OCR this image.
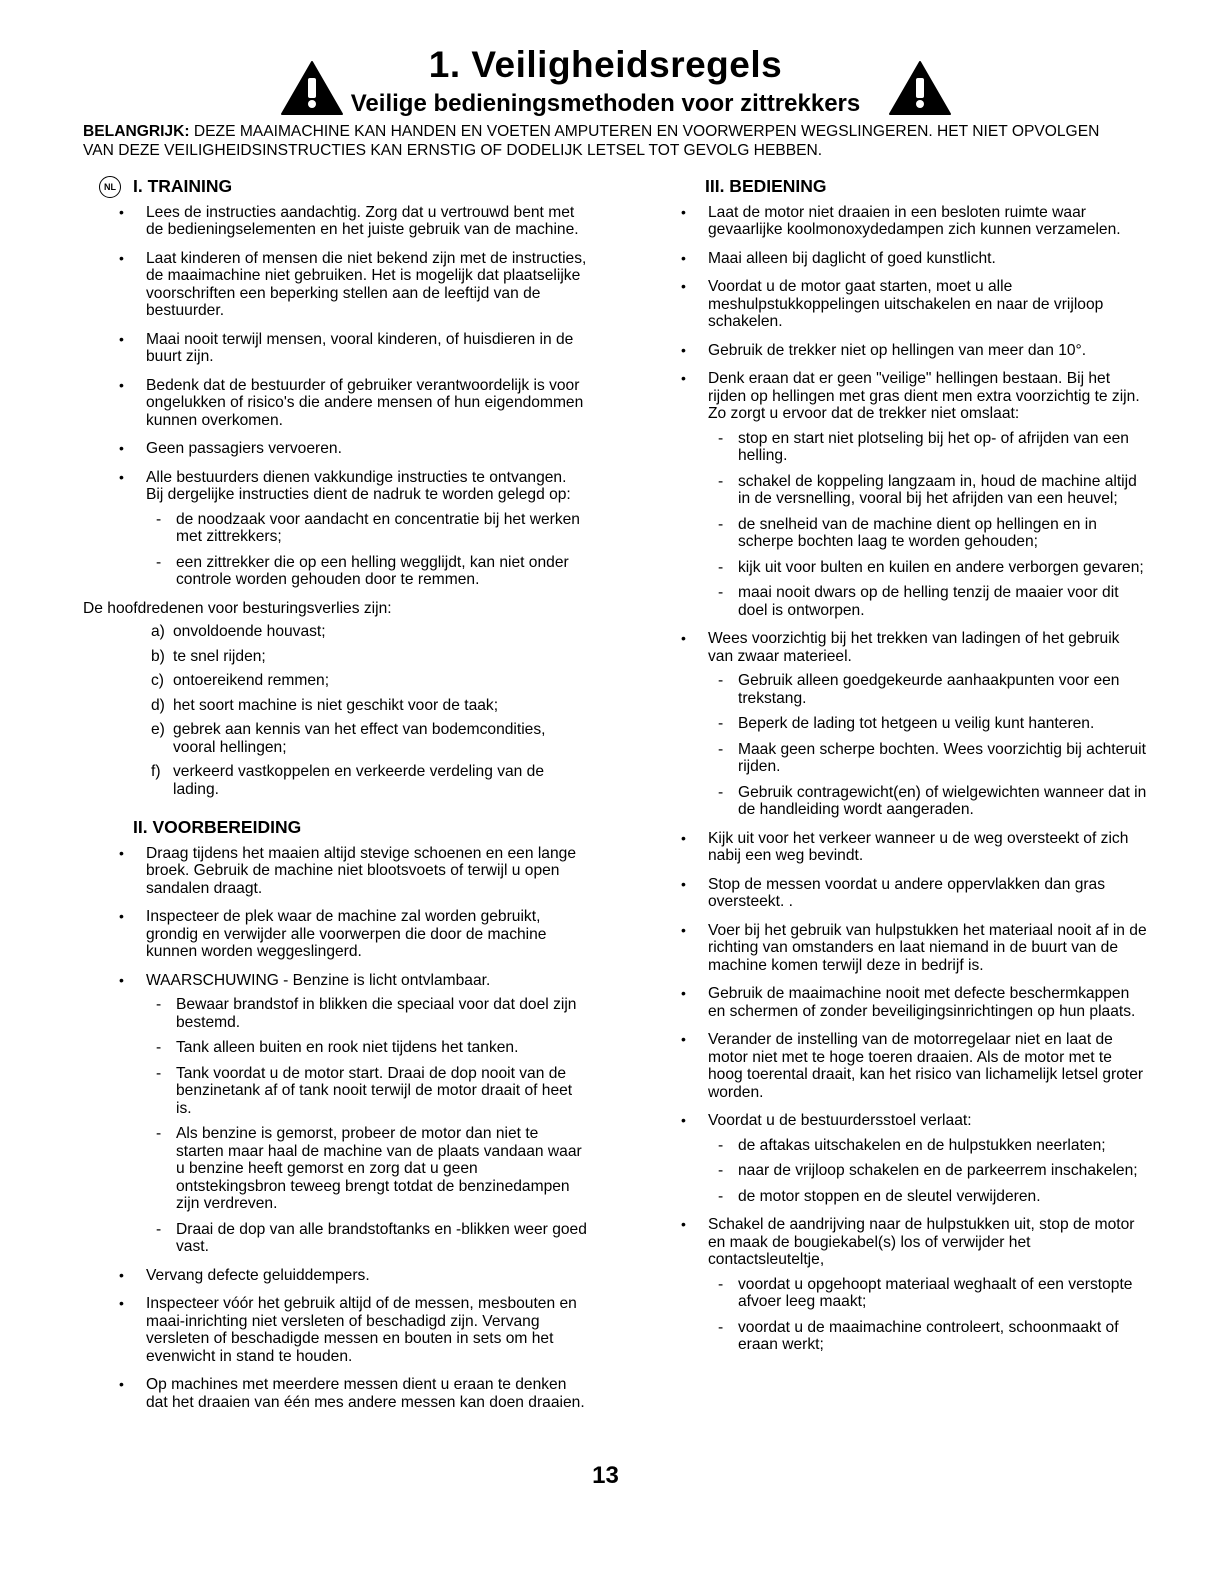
1. Veiligheidsregels
Veilige bedieningsmethoden voor zittrekkers
BELANGRIJK: DEZE MAAIMACHINE KAN HANDEN EN VOETEN AMPUTEREN EN VOORWERPEN WEGSLINGEREN. HET NIET OPVOLGEN VAN DEZE VEILIGHEIDSINSTRUCTIES KAN ERNSTIG OF DODELIJK LETSEL TOT GEVOLG HEBBEN.
NL I. TRAINING
• Lees de instructies aandachtig. Zorg dat u vertrouwd bent met de bedieningselementen en het juiste gebruik van de machine.
• Laat kinderen of mensen die niet bekend zijn met de instructies, de maaimachine niet gebruiken. Het is mogelijk dat plaatselijke voorschriften een beperking stellen aan de leeftijd van de bestuurder.
• Maai nooit terwijl mensen, vooral kinderen, of huisdieren in de buurt zijn.
• Bedenk dat de bestuurder of gebruiker verantwoordelijk is voor ongelukken of risico's die andere mensen of hun eigendommen kunnen overkomen.
• Geen passagiers vervoeren.
• Alle bestuurders dienen vakkundige instructies te ontvangen. Bij dergelijke instructies dient de nadruk te worden gelegd op:
- de noodzaak voor aandacht en concentratie bij het werken met zittrekkers;
- een zittrekker die op een helling wegglijdt, kan niet onder controle worden gehouden door te remmen.
De hoofdredenen voor besturingsverlies zijn:
a) onvoldoende houvast;
b) te snel rijden;
c) ontoereikend remmen;
d) het soort machine is niet geschikt voor de taak;
e) gebrek aan kennis van het effect van bodemcondities, vooral hellingen;
f) verkeerd vastkoppelen en verkeerde verdeling van de lading.
II. VOORBEREIDING
• Draag tijdens het maaien altijd stevige schoenen en een lange broek. Gebruik de machine niet blootsvoets of terwijl u open sandalen draagt.
• Inspecteer de plek waar de machine zal worden gebruikt, grondig en verwijder alle voorwerpen die door de machine kunnen worden weggeslingerd.
• WAARSCHUWING - Benzine is licht ontvlambaar.
- Bewaar brandstof in blikken die speciaal voor dat doel zijn bestemd.
- Tank alleen buiten en rook niet tijdens het tanken.
- Tank voordat u de motor start. Draai de dop nooit van de benzinetank af of tank nooit terwijl de motor draait of heet is.
- Als benzine is gemorst, probeer de motor dan niet te starten maar haal de machine van de plaats vandaan waar u benzine heeft gemorst en zorg dat u geen ontstekingsbron teweeg brengt totdat de benzinedampen zijn verdreven.
- Draai de dop van alle brandstoftanks en -blikken weer goed vast.
• Vervang defecte geluiddempers.
• Inspecteer vóór het gebruik altijd of de messen, mesbouten en maai-inrichting niet versleten of beschadigd zijn. Vervang versleten of beschadigde messen en bouten in sets om het evenwicht in stand te houden.
• Op machines met meerdere messen dient u eraan te denken dat het draaien van één mes andere messen kan doen draaien.
III. BEDIENING
• Laat de motor niet draaien in een besloten ruimte waar gevaarlijke koolmonoxydedampen zich kunnen verzamelen.
• Maai alleen bij daglicht of goed kunstlicht.
• Voordat u de motor gaat starten, moet u alle meshulpstukkoppelingen uitschakelen en naar de vrijloop schakelen.
• Gebruik de trekker niet op hellingen van meer dan 10°.
• Denk eraan dat er geen "veilige" hellingen bestaan. Bij het rijden op hellingen met gras dient men extra voorzichtig te zijn. Zo zorgt u ervoor dat de trekker niet omslaat:
- stop en start niet plotseling bij het op- of afrijden van een helling.
- schakel de koppeling langzaam in, houd de machine altijd in de versnelling, vooral bij het afrijden van een heuvel;
- de snelheid van de machine dient op hellingen en in scherpe bochten laag te worden gehouden;
- kijk uit voor bulten en kuilen en andere verborgen gevaren;
- maai nooit dwars op de helling tenzij de maaier voor dit doel is ontworpen.
• Wees voorzichtig bij het trekken van ladingen of het gebruik van zwaar materieel.
- Gebruik alleen goedgekeurde aanhaakpunten voor een trekstang.
- Beperk de lading tot hetgeen u veilig kunt hanteren.
- Maak geen scherpe bochten. Wees voorzichtig bij achteruit rijden.
- Gebruik contragewicht(en) of wielgewichten wanneer dat in de handleiding wordt aangeraden.
• Kijk uit voor het verkeer wanneer u de weg oversteekt of zich nabij een weg bevindt.
• Stop de messen voordat u andere oppervlakken dan gras oversteekt. .
• Voer bij het gebruik van hulpstukken het materiaal nooit af in de richting van omstanders en laat niemand in de buurt van de machine komen terwijl deze in bedrijf is.
• Gebruik de maaimachine nooit met defecte beschermkappen en schermen of zonder beveiligingsinrichtingen op hun plaats.
• Verander de instelling van de motorregelaar niet en laat de motor niet met te hoge toeren draaien. Als de motor met te hoog toerental draait, kan het risico van lichamelijk letsel groter worden.
• Voordat u de bestuurdersstoel verlaat:
- de aftakas uitschakelen en de hulpstukken neerlaten;
- naar de vrijloop schakelen en de parkeerrem inschakelen;
- de motor stoppen en de sleutel verwijderen.
• Schakel de aandrijving naar de hulpstukken uit, stop de motor en maak de bougiekabel(s) los of verwijder het contactsleuteltje,
- voordat u opgehoopt materiaal weghaalt of een verstopte afvoer leeg maakt;
- voordat u de maaimachine controleert, schoonmaakt of eraan werkt;
13
